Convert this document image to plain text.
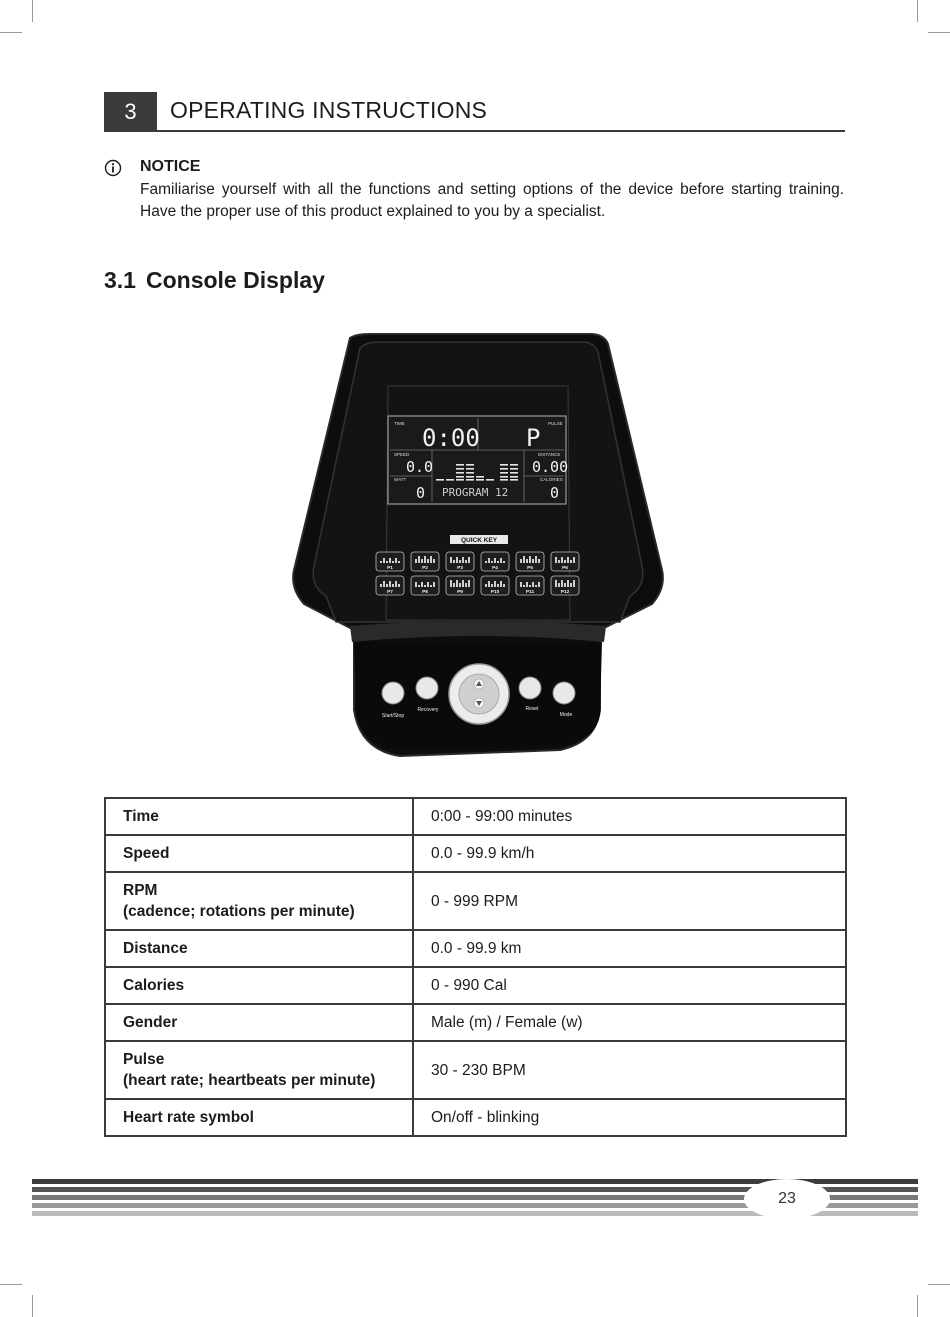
3	OPERATING INSTRUCTIONS
NOTICE
Familiarise yourself with all the functions and setting options of the device before starting training. Have the proper use of this product explained to you by a specialist.
3.1 Console Display
TIME
0:00
PULSE
P
SPEED
0.0
DISTANCE
0.00
WATT
0
CALORIES
0
PROGRAM 12
QUICK KEY
P1	P2	P3	P4	P5	P6
P7	P8	P9	P10	P11	P12
Start/Stop
Recovery	Reset
Mode
Time	0:00 - 99:00 minutes

Speed	0.0 - 99.9 km/h

RPM
(cadence; rotations per minute)	0 - 999 RPM

Distance	0.0 - 99.9 km

Calories	0 - 990 Cal

Gender	Male (m) / Female (w)

Pulse
(heart rate; heartbeats per minute)	30 - 230 BPM

Heart rate symbol	On/off - blinking
23
